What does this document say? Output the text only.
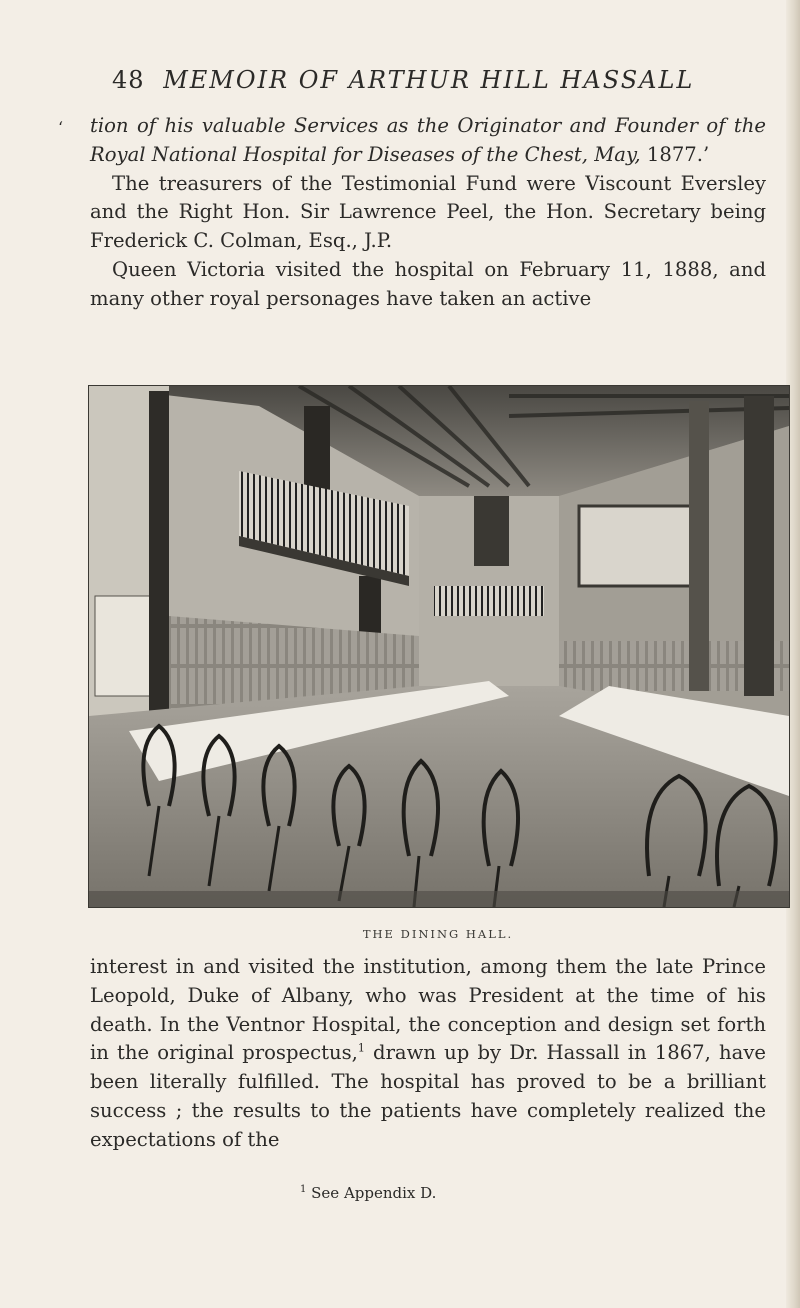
48 MEMOIR OF ARTHUR HILL HASSALL
‘ tion of his valuable Services as the Originator and Founder of the Royal National Hospital for Diseases of the Chest, May, 1877.’

The treasurers of the Testimonial Fund were Viscount Eversley and the Right Hon. Sir Lawrence Peel, the Hon. Secretary being Frederick C. Colman, Esq., J.P.

Queen Victoria visited the hospital on February 11, 1888, and many other royal personages have taken an active

THE DINING HALL.

interest in and visited the institution, among them the late Prince Leopold, Duke of Albany, who was President at the time of his death. In the Ventnor Hospital, the conception and design set forth in the original prospectus,$^1$ drawn up by Dr. Hassall in 1867, have been literally fulfilled. The hospital has proved to be a brilliant success ; the results to the patients have completely realized the expectations of the

$^1$ See Appendix D.
